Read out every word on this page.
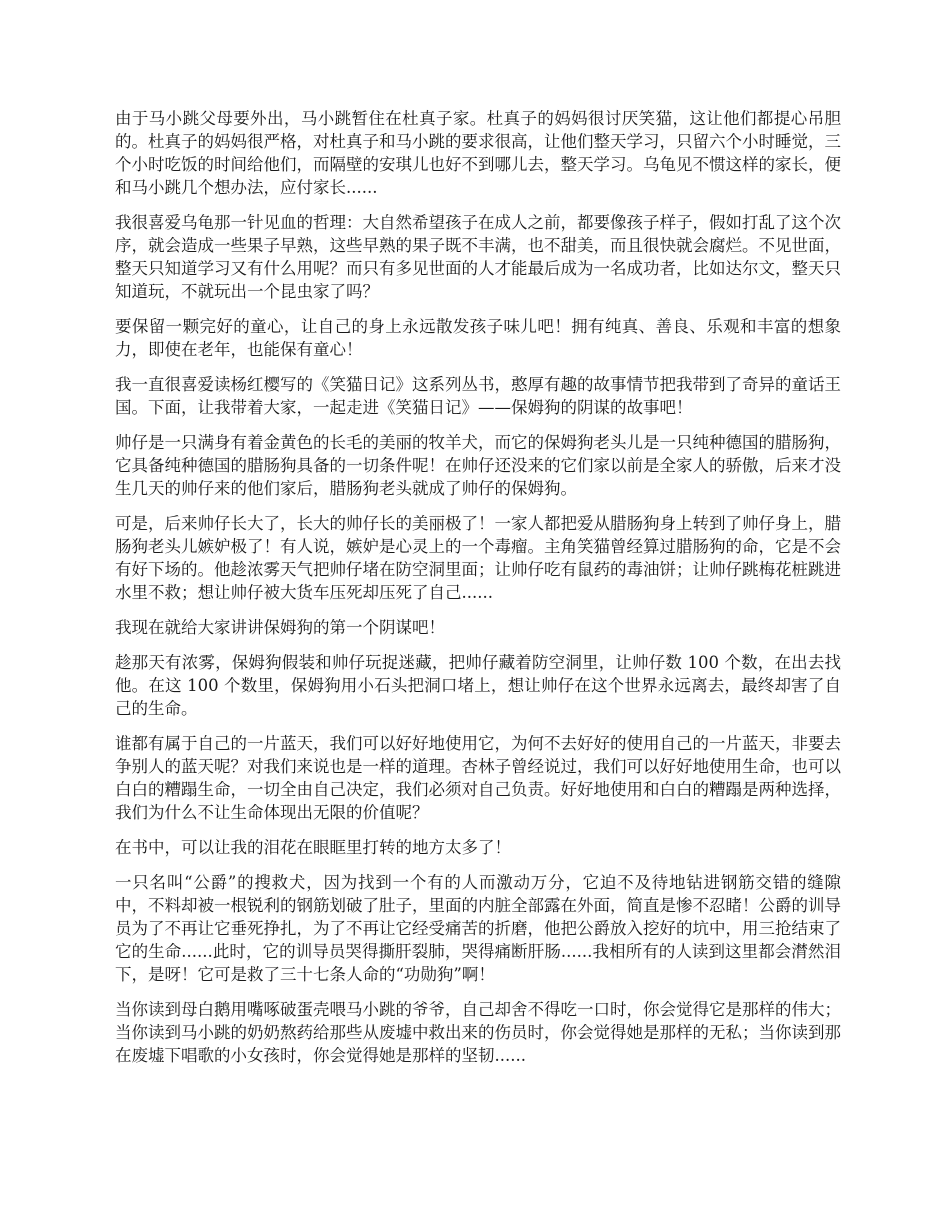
由于马小跳父母要外出，马小跳暂住在杜真子家。杜真子的妈妈很讨厌笑猫，这让他们都提心吊胆的。杜真子的妈妈很严格，对杜真子和马小跳的要求很高，让他们整天学习，只留六个小时睡觉，三个小时吃饭的时间给他们，而隔壁的安琪儿也好不到哪儿去，整天学习。乌龟见不惯这样的家长，便和马小跳几个想办法，应付家长......

我很喜爱乌龟那一针见血的哲理：大自然希望孩子在成人之前，都要像孩子样子，假如打乱了这个次序，就会造成一些果子早熟，这些早熟的果子既不丰满，也不甜美，而且很快就会腐烂。不见世面，整天只知道学习又有什么用呢？而只有多见世面的人才能最后成为一名成功者，比如达尔文，整天只知道玩，不就玩出一个昆虫家了吗？

要保留一颗完好的童心，让自己的身上永远散发孩子味儿吧！拥有纯真、善良、乐观和丰富的想象力，即使在老年，也能保有童心！

我一直很喜爱读杨红樱写的《笑猫日记》这系列丛书，憨厚有趣的故事情节把我带到了奇异的童话王国。下面，让我带着大家，一起走进《笑猫日记》——保姆狗的阴谋的故事吧！

帅仔是一只满身有着金黄色的长毛的美丽的牧羊犬，而它的保姆狗老头儿是一只纯种德国的腊肠狗，它具备纯种德国的腊肠狗具备的一切条件呢！在帅仔还没来的它们家以前是全家人的骄傲，后来才没生几天的帅仔来的他们家后，腊肠狗老头就成了帅仔的保姆狗。

可是，后来帅仔长大了，长大的帅仔长的美丽极了！一家人都把爱从腊肠狗身上转到了帅仔身上，腊肠狗老头儿嫉妒极了！有人说，嫉妒是心灵上的一个毒瘤。主角笑猫曾经算过腊肠狗的命，它是不会有好下场的。他趁浓雾天气把帅仔堵在防空洞里面；让帅仔吃有鼠药的毒油饼；让帅仔跳梅花桩跳进水里不救；想让帅仔被大货车压死却压死了自己......

我现在就给大家讲讲保姆狗的第一个阴谋吧！

趁那天有浓雾，保姆狗假装和帅仔玩捉迷藏，把帅仔藏着防空洞里，让帅仔数 100 个数，在出去找他。在这 100 个数里，保姆狗用小石头把洞口堵上，想让帅仔在这个世界永远离去，最终却害了自己的生命。

谁都有属于自己的一片蓝天，我们可以好好地使用它，为何不去好好的使用自己的一片蓝天，非要去争别人的蓝天呢？对我们来说也是一样的道理。杏林子曾经说过，我们可以好好地使用生命，也可以白白的糟蹋生命，一切全由自己决定，我们必须对自己负责。好好地使用和白白的糟蹋是两种选择，我们为什么不让生命体现出无限的价值呢？

在书中，可以让我的泪花在眼眶里打转的地方太多了！

一只名叫“公爵”的搜救犬，因为找到一个有的人而激动万分，它迫不及待地钻进钢筋交错的缝隙中，不料却被一根锐利的钢筋划破了肚子，里面的内脏全部露在外面，简直是惨不忍睹！公爵的训导员为了不再让它垂死挣扎，为了不再让它经受痛苦的折磨，他把公爵放入挖好的坑中，用三抢结束了它的生命......此时，它的训导员哭得撕肝裂肺，哭得痛断肝肠......我相所有的人读到这里都会潸然泪下，是呀！它可是救了三十七条人命的“功勋狗”啊！

当你读到母白鹅用嘴啄破蛋壳喂马小跳的爷爷，自己却舍不得吃一口时，你会觉得它是那样的伟大；当你读到马小跳的奶奶熬药给那些从废墟中救出来的伤员时，你会觉得她是那样的无私；当你读到那在废墟下唱歌的小女孩时，你会觉得她是那样的坚韧......
